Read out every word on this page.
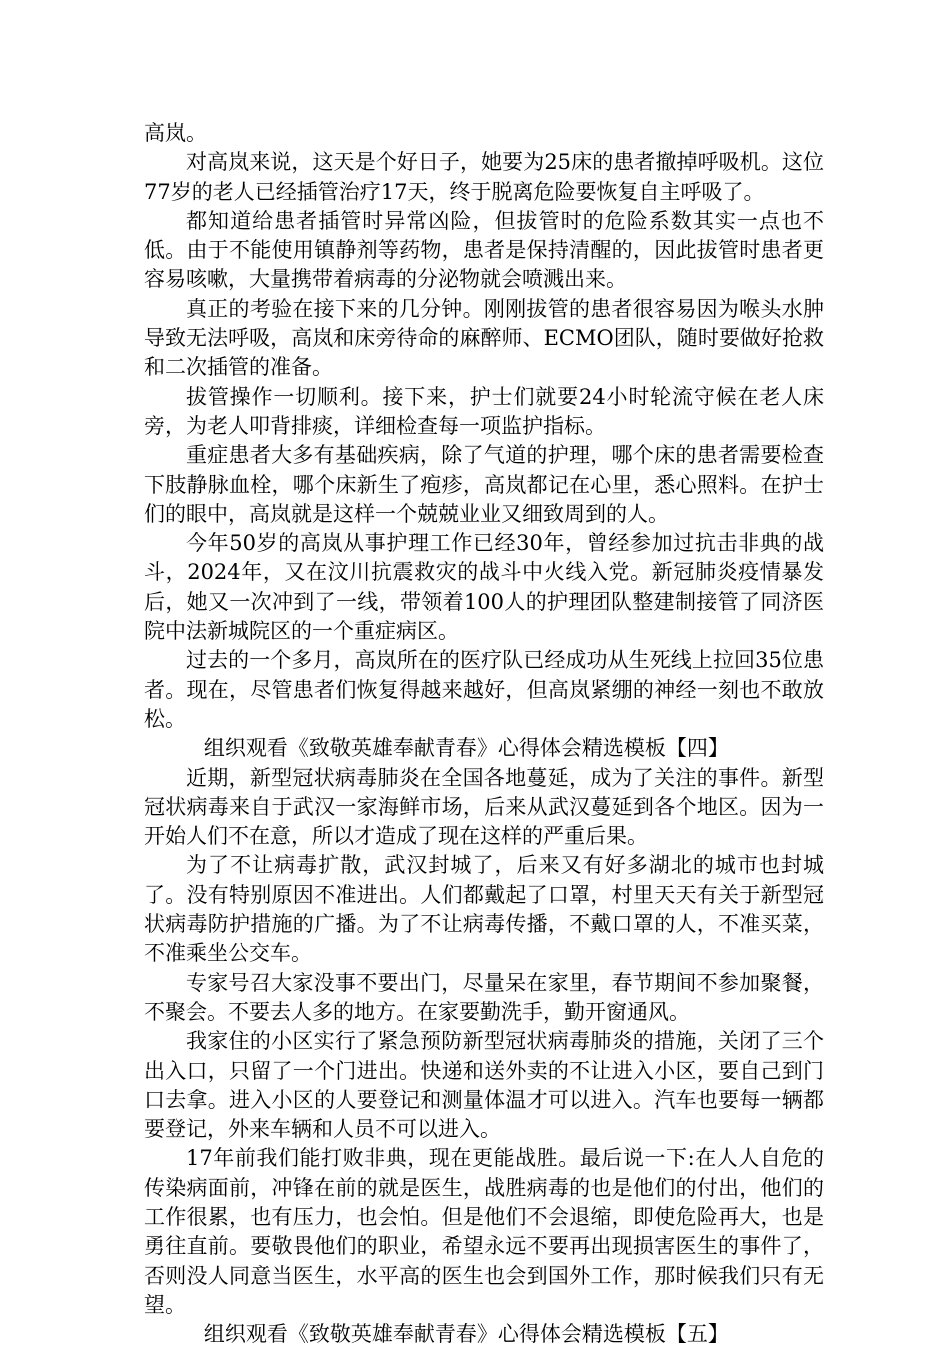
高岚。

对高岚来说，这天是个好日子，她要为25床的患者撤掉呼吸机。这位77岁的老人已经插管治疗17天，终于脱离危险要恢复自主呼吸了。

都知道给患者插管时异常凶险，但拔管时的危险系数其实一点也不低。由于不能使用镇静剂等药物，患者是保持清醒的，因此拔管时患者更容易咳嗽，大量携带着病毒的分泌物就会喷溅出来。

真正的考验在接下来的几分钟。刚刚拔管的患者很容易因为喉头水肿导致无法呼吸，高岚和床旁待命的麻醉师、ECMO团队，随时要做好抢救和二次插管的准备。

拔管操作一切顺利。接下来，护士们就要24小时轮流守候在老人床旁，为老人叩背排痰，详细检查每一项监护指标。

重症患者大多有基础疾病，除了气道的护理，哪个床的患者需要检查下肢静脉血栓，哪个床新生了疱疹，高岚都记在心里，悉心照料。在护士们的眼中，高岚就是这样一个兢兢业业又细致周到的人。

今年50岁的高岚从事护理工作已经30年，曾经参加过抗击非典的战斗，2024年，又在汶川抗震救灾的战斗中火线入党。新冠肺炎疫情暴发后，她又一次冲到了一线，带领着100人的护理团队整建制接管了同济医院中法新城院区的一个重症病区。

过去的一个多月，高岚所在的医疗队已经成功从生死线上拉回35位患者。现在，尽管患者们恢复得越来越好，但高岚紧绷的神经一刻也不敢放松。

组织观看《致敬英雄奉献青春》心得体会精选模板【四】

近期，新型冠状病毒肺炎在全国各地蔓延，成为了关注的事件。新型冠状病毒来自于武汉一家海鲜市场，后来从武汉蔓延到各个地区。因为一开始人们不在意，所以才造成了现在这样的严重后果。

为了不让病毒扩散，武汉封城了，后来又有好多湖北的城市也封城了。没有特别原因不准进出。人们都戴起了口罩，村里天天有关于新型冠状病毒防护措施的广播。为了不让病毒传播，不戴口罩的人，不准买菜，不准乘坐公交车。

专家号召大家没事不要出门，尽量呆在家里，春节期间不参加聚餐，不聚会。不要去人多的地方。在家要勤洗手，勤开窗通风。

我家住的小区实行了紧急预防新型冠状病毒肺炎的措施，关闭了三个出入口，只留了一个门进出。快递和送外卖的不让进入小区，要自己到门口去拿。进入小区的人要登记和测量体温才可以进入。汽车也要每一辆都要登记，外来车辆和人员不可以进入。

17年前我们能打败非典，现在更能战胜。最后说一下:在人人自危的传染病面前，冲锋在前的就是医生，战胜病毒的也是他们的付出，他们的工作很累，也有压力，也会怕。但是他们不会退缩，即使危险再大，也是勇往直前。要敬畏他们的职业，希望永远不要再出现损害医生的事件了，否则没人同意当医生，水平高的医生也会到国外工作，那时候我们只有无望。

组织观看《致敬英雄奉献青春》心得体会精选模板【五】
